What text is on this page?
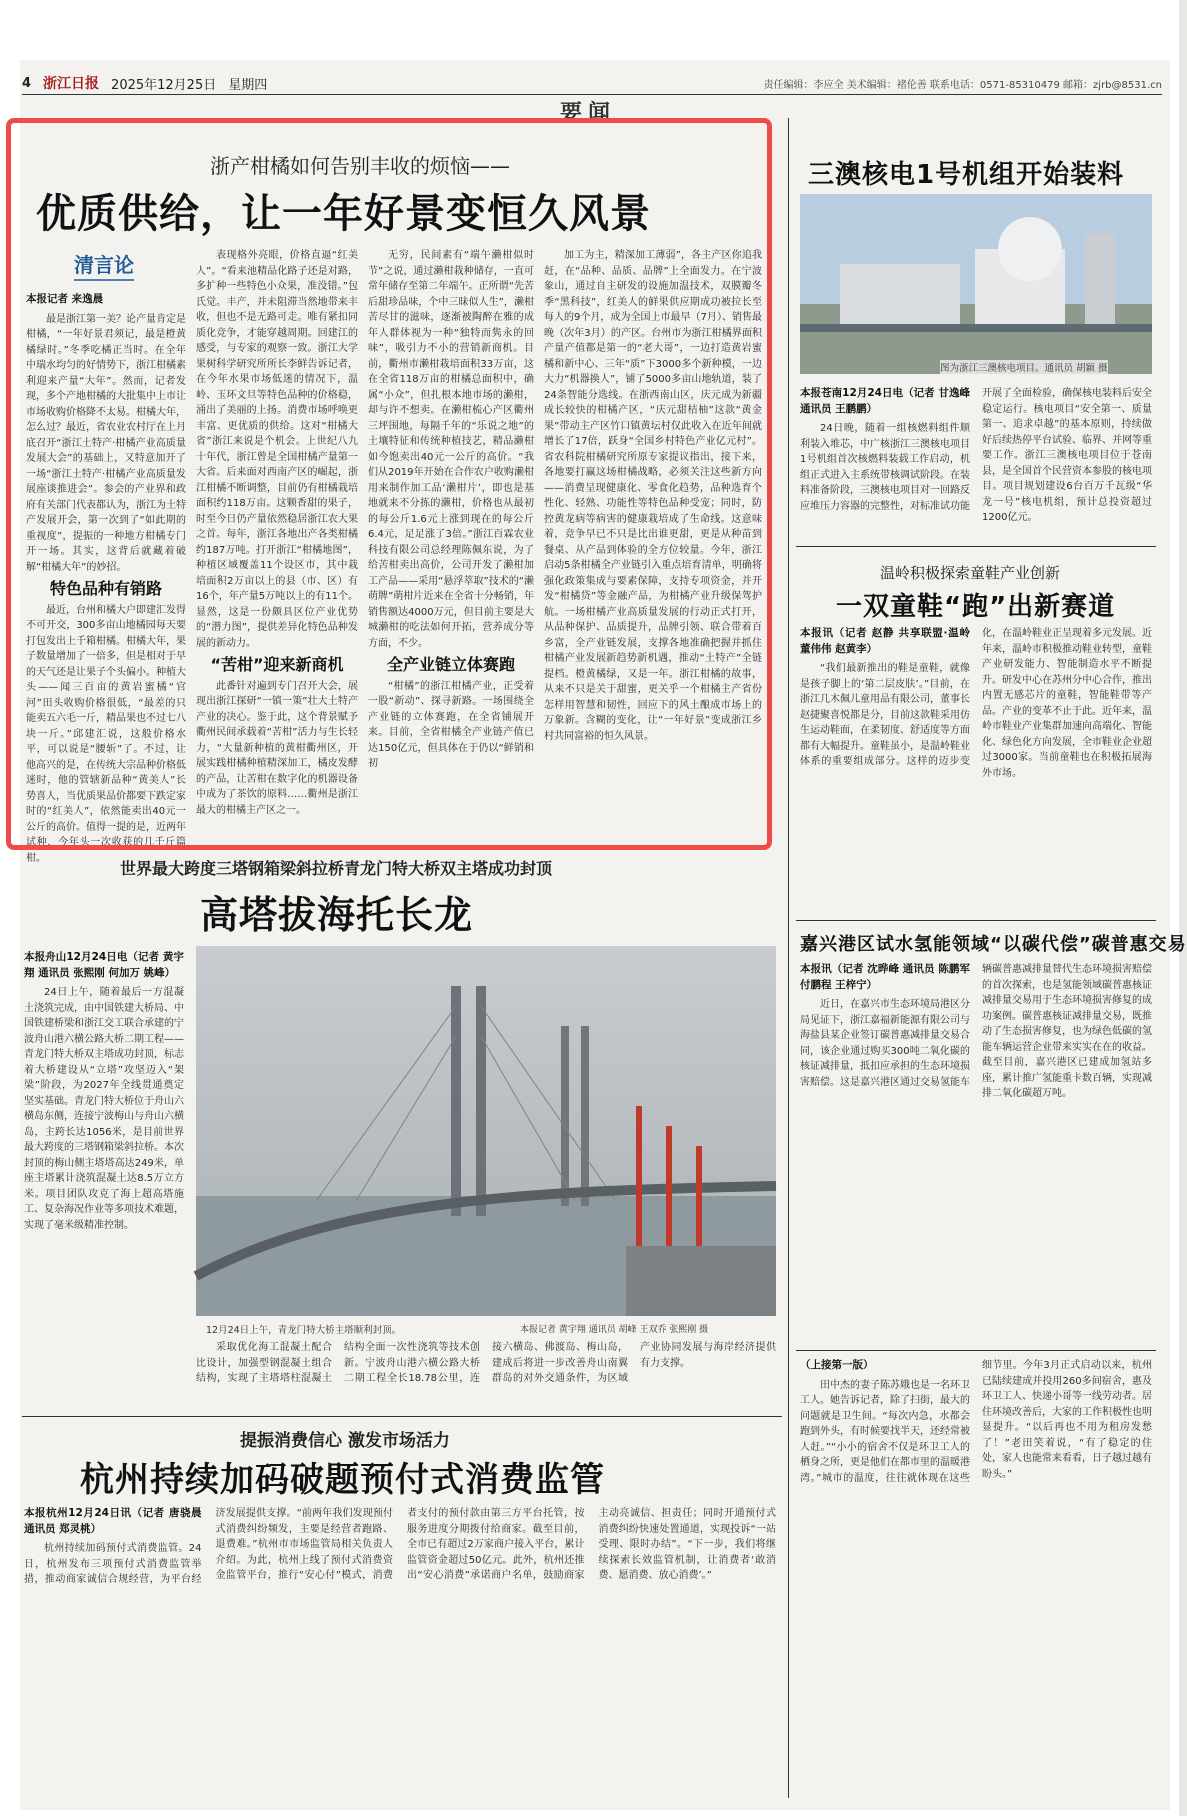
4 浙江日报 2025年12月25日 星期四	责任编辑：李应全 美术编辑：褚伦善 联系电话：0571-85310479 邮箱：zjrb@8531.cn
要闻
浙产柑橘如何告别丰收的烦恼——
优质供给，让一年好景变恒久风景
清言论
本报记者 来逸晨

最是浙江第一美？论产量肯定是柑橘，“一年好景君须记，最是橙黄橘绿时。”冬季吃橘正当时。在全年中瑞水均匀的好情势下，浙江柑橘素利迎来产量“大年”。然而，记者发现，多个产地柑橘的大批集中上市让市场收购价格降不太易。柑橘大年，怎么过？最近，省农业农村厅在上月底召开“浙江土特产·柑橘产业高质量发展大会”的基础上，又特意加开了一场“浙江土特产·柑橘产业高质量发展座谈推进会”。参会的产业界和政府有关部门代表都认为，浙江为土特产发展开会，第一次到了“如此期的重视度”，提振的一种地方柑橘专门开一场。其实，这背后就藏着破解“柑橘大年”的妙招。

特色品种有销路

最近，台州和橘大户即建汇发得不可开交，300多亩山地橘园每天要打包发出上千箱柑橘。柑橘大年，果子数量增加了一倍多，但是相对于早的天气还是让果子个头偏小。种植大头——闻三百亩的黄岩蜜橘“官河”田头收购价格很低，“最差的只能卖五六毛一斤，精品果也不过七八块一斤。”邱建汇说，这般价格水平，可以说是“腰斩”了。不过，让他高兴的是，在传统大宗品种价格低迷时，他的管辖新品种“黄美人”长势喜人，当优质果品价都要下跌定家时的“红美人”，依然能卖出40元一公斤的高价。值得一提的是，近两年试种，今年头一次收获的几千斤篇柑。

表现格外亮眼，价格直逼“红美人”。“看来池精品化路子还是对路，多扩种一些特色小众果，准没错。”包氏觉。丰产，并未阻滞当然地带来丰收，但也不是无路可走。唯有紧扣同质化竞争，才能穿越周期。回建江的感受，与专家的观察一致。浙江大学果树科学研究所所长李鲜告诉记者，在今年水果市场低迷的情况下，温岭、玉环文旦等特色品种的价格稳，涌出了美丽的上扬。消费市场呼唤更丰富、更优质的供给。这对“柑橘大省”浙江来说是个机会。上世纪八九十年代，浙江曾是全国柑橘产量第一大省。后来面对西南产区的崛起，浙江柑橘不断调整，目前仍有柑橘栽培面积约118万亩。这颗香甜的果子，时至今日仍产量依然稳居浙江农大果之首。每年，浙江各地出产各类柑橘约187万吨。打开浙江“柑橘地图”，种植区域覆盖11个设区市，其中栽培面积2万亩以上的县（市、区）有16个，年产量5万吨以上的有11个。显然，这是一份颇具区位产业优势的“潜力图”，提供差异化特色品种发展的新动力。

“苦柑”迎来新商机

此番针对遍到专门召开大会，展现出浙江探研“一镇一策”壮大土特产产业的决心。鉴于此，这个背景赋予衢州民间承载着“苦柑”活力与生长轻力，“大量新种植的黄柑衢州区，开展实践柑橘种植精深加工，橘皮发酵的产品，让苦柑在数字化的机器设备中成为了茶饮的原料……衢州是浙江最大的柑橘主产区之一。

无穷，民间素有“端午濑柑似时节”之说，通过濑柑栽种储存，一直可常年储存至第二年端午。正所谓“先苦后甜珍品味，个中三昧似人生”，濑柑苦尽甘的滋味，逐渐被陶醉在雅的成年人群体视为一种“独特而隽永的回味”，吸引力不小的营销新商机。目前，衢州市濑柑栽培面积33万亩，这在全省118万亩的柑橘总面积中，确属“小众”，但扎根本地市场的濑柑，却与许不想卖。在濑柑梳心产区衢州三坪围地，每隔千年的“乐说之地”的土壤特征和传统种植技艺，精品濑柑如今饱卖出40元一公斤的高价。“我们从2019年开始在合作农户收购濑柑用来制作加工品‘濑柑片’，即也是基地就来不分拣的濑柑，价格也从最初的每公斤1.6元上涨到现在的每公斤6.4元，足足涨了3倍。”浙江百霖农业科技有限公司总经理陈佩东说，为了给苦柑卖出高价，公司开发了濑柑加工产品——采用“悬浮萃取”技术的“濑萌牌”萌柑片近来在全省十分畅销，年销售额达4000万元，但目前主要是大城濑柑的吃法如何开拓，营养成分等方面，不少。

全产业链立体赛跑

“柑橘”的浙江柑橘产业，正受着一股“新动”、探寻新路。一场围绕全产业链的立体赛跑，在全省铺展开来。目前，全省柑橘全产业链产值已达150亿元，但具体在于仍以“鲜销和初

加工为主，精深加工薄弱”，各主产区你追我赶，在“品种、品质、品牌”上全面发力。在宁波象山，通过自主研发的设施加温技术，双膜瓣冬季“黑科技”，红美人的鲜果供应期成功被拉长至每人的9个月，成为全国上市最早（7月）、销售最晚（次年3月）的产区。台州市为浙江柑橘界面积产量产值都是第一的“老大哥”，一边打造黄岩蜜橘和新中心、三年“质”下3000多个新种模，一边大力“机器换人”，铺了5000多亩山地轨道，装了24条智能分选线。在浙西南山区，庆元成为新疆成长较快的柑橘产区，“庆元甜桔柚”这款“黄金果”带动主产区竹口镇黄坛村仅此收入在近年间就增长了17倍，跃身“全国乡村特色产业亿元村”。省农科院柑橘研究所原专家提议指出，接下来，各地要打赢这场柑橘战略，必须关注这些新方向——消费呈现健康化、零食化趋势，品种选育个性化、轻熟、功能性等特色品种受宠；同时，防控黄龙病等病害的健康栽培成了生命线。这意味着，竞争早已不只是比出谁更甜，更是从种苗到餐桌、从产品到体验的全方位较量。今年，浙江启动5条柑橘全产业链引入重点培育清单，明确将强化政策集成与要素保障，支持专项资金，并开发“柑橘贷”等金融产品，为柑橘产业升级保驾护航。一场柑橘产业高质量发展的行动正式打开，从品种保护、品质提升，品牌引领、联合带着百乡富，全产业链发展，支撑各地准确把握并抓住柑橘产业发展新趋势新机遇，推动“土特产”全链提档。橙黄橘绿，又是一年。浙江柑橘的故事，从来不只是关于甜蜜，更关乎一个柑橘主产省份怎样用智慧和韧性，回应下的风土酿成市场上的万象新。含糊的变化，让“一年好景”变成浙江乡村共同富裕的恒久风景。

三澳核电1号机组开始装料
图为浙江三澳核电项目。通讯员 胡颖 摄
本报苍南12月24日电（记者 甘逸峰 通讯员 王鹏鹏）

24日晚，随着一组核燃料组件顺利装入堆芯，中广核浙江三澳核电项目1号机组首次核燃料装载工作启动，机组正式进入主系统带核调试阶段。在装料准备阶段，三澳核电项目对一回路反应堆压力容器的完整性，对标准试功能开展了全面检验，确保核电装料后安全稳定运行。核电项目“安全第一、质量第一、追求卓越”的基本原则，持续做好后续热停平台试验、临界、并网等重要工作。浙江三澳核电项目位于苍南县，是全国首个民营资本参股的核电项目。项目规划建设6台百万千瓦级“华龙一号”核电机组，预计总投资超过1200亿元。

温岭积极探索童鞋产业创新
一双童鞋“跑”出新赛道
本报讯（记者 赵静 共享联盟·温岭 董伟伟 赵黄李）

“我们最新推出的鞋是童鞋，就像是孩子脚上的‘第二层皮肤’。”目前，在浙江几木佩儿童用品有限公司，董事长赵捷聚喜悦都是分，目前这款鞋采用仿生运动鞋面，在柔韧度、舒适度等方面都有大幅提升。童鞋虽小，是温岭鞋业体系的重要组成部分。这样的迈步变化，在温岭鞋业正呈现着多元发展。近年来，温岭市积极推动鞋业转型，童鞋产业研发能力、智能制造水平不断提升。研发中心在苏州分中心合作，推出内置无感芯片的童鞋，智能鞋带等产品。产业的变革不止于此。近年来，温岭市鞋业产业集群加速向高端化、智能化、绿色化方向发展，全市鞋业企业超过3000家。当前童鞋也在积极拓展海外市场。

嘉兴港区试水氢能领域“以碳代偿”碳普惠交易
本报讯（记者 沈晔峰 通讯员 陈鹏军 付鹏程 王梓宁）

近日，在嘉兴市生态环境局港区分局见证下，浙江嘉福新能源有限公司与海盐县某企业签订碳普惠减排量交易合同，该企业通过购买300吨二氧化碳的核证减排量，抵扣应承担的生态环境损害赔偿。这是嘉兴港区通过交易氢能车辆碳普惠减排量替代生态环境损害赔偿的首次探索，也是氢能领域碳普惠核证减排量交易用于生态环境损害修复的成功案例。碳普惠核证减排量交易，既推动了生态损害修复，也为绿色低碳的氢能车辆运营企业带来实实在在的收益。截至目前，嘉兴港区已建成加氢站多座，累计推广氢能重卡数百辆，实现减排二氧化碳超万吨。

世界最大跨度三塔钢箱梁斜拉桥青龙门特大桥双主塔成功封顶
高塔拔海托长龙
本报舟山12月24日电（记者 黄宇翔 通讯员 张熙刚 何加万 姚峰）

24日上午，随着最后一方混凝土浇筑完成，由中国铁建大桥局、中国铁建桥梁和浙江交工联合承建的宁波舟山港六横公路大桥二期工程——青龙门特大桥双主塔成功封顶，标志着大桥建设从“立塔”攻坚迈入“架梁”阶段，为2027年全线贯通奠定坚实基础。青龙门特大桥位于舟山六横岛东侧，连接宁波梅山与舟山六横岛，主跨长达1056米，是目前世界最大跨度的三塔钢箱梁斜拉桥。本次封顶的梅山侧主塔塔高达249米，单座主塔累计浇筑混凝土达8.5万立方米。项目团队攻克了海上超高塔施工、复杂海况作业等多项技术难题，实现了毫米级精准控制。

12月24日上午，青龙门特大桥主塔顺利封顶。	本报记者 黄宇翔 通讯员 胡峰 王双乔 张熙刚 摄

采取优化海工混凝土配合比设计，加强型钢混凝土组合结构，实现了主塔塔柱混凝土结构全面一次性浇筑等技术创新。宁波舟山港六横公路大桥二期工程全长18.78公里，连接六横岛、佛渡岛、梅山岛，建成后将进一步改善舟山南翼群岛的对外交通条件，为区域产业协同发展与海岸经济提供有力支撑。

提振消费信心 激发市场活力
杭州持续加码破题预付式消费监管
本报杭州12月24日讯（记者 唐骁晨 通讯员 郑灵桃）

杭州持续加码预付式消费监管。24日，杭州发布三项预付式消费监管举措，推动商家诚信合规经营，为平台经济发展提供支撑。“前两年我们发现预付式消费纠纷频发，主要是经营者跑路、退费难。”杭州市市场监管局相关负责人介绍。为此，杭州上线了预付式消费资金监管平台，推行“安心付”模式，消费者支付的预付款由第三方平台托管，按服务进度分期拨付给商家。截至目前，全市已有超过2万家商户接入平台，累计监管资金超过50亿元。此外，杭州还推出“安心消费”承诺商户名单，鼓励商家主动亮诚信、担责任；同时开通预付式消费纠纷快速处置通道，实现投诉“一站受理、限时办结”。“下一步，我们将继续探索长效监管机制，让消费者‘敢消费、愿消费、放心消费’。”

（上接第一版）

田中杰的妻子陈苏娥也是一名环卫工人。她告诉记者，除了扫街，最大的问题就是卫生间。“每次内急，水都会跑到外头，有时候要找半天，还经常被人赶。”“小小的宿舍不仅是环卫工人的栖身之所，更是他们在都市里的温暖港湾。”城市的温度，往往就体现在这些细节里。今年3月正式启动以来，杭州已陆续建成并投用260多间宿舍，惠及环卫工人、快递小哥等一线劳动者。居住环境改善后，大家的工作积极性也明显提升。“以后再也不用为租房发愁了！”老田笑着说，“有了稳定的住处，家人也能常来看看，日子越过越有盼头。”
